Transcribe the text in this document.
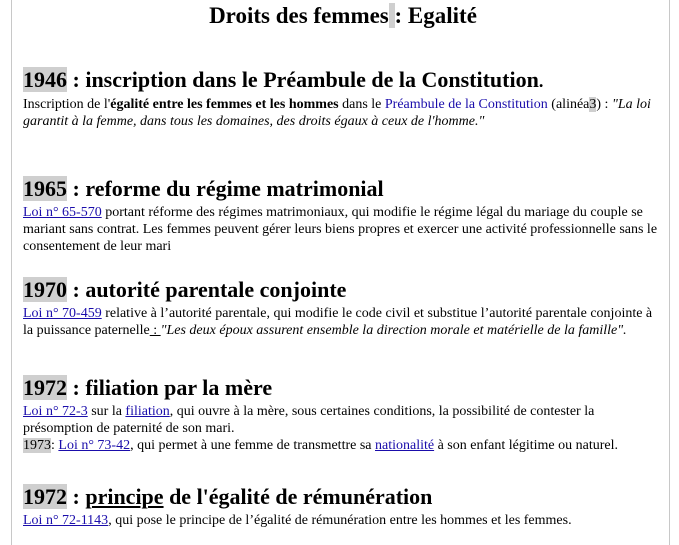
Droits des femmes : Egalité
1946 : inscription dans le Préambule de la Constitution.

Inscription de l'égalité entre les femmes et les hommes dans le Préambule de la Constitution (alinéa3) : "La loi garantit à la femme, dans tous les domaines, des droits égaux à ceux de l'homme."

1965 : reforme du régime matrimonial

Loi n° 65-570 portant réforme des régimes matrimoniaux, qui modifie le régime légal du mariage du couple se mariant sans contrat. Les femmes peuvent gérer leurs biens propres et exercer une activité professionnelle sans le consentement de leur mari

1970 : autorité parentale conjointe

Loi n° 70-459 relative à l’autorité parentale, qui modifie le code civil et substitue l’autorité parentale conjointe à la puissance paternelle : "Les deux époux assurent ensemble la direction morale et matérielle de la famille".

1972 : filiation par la mère

Loi n° 72-3 sur la filiation, qui ouvre à la mère, sous certaines conditions, la possibilité de contester la présomption de paternité de son mari.

1973: Loi n° 73-42, qui permet à une femme de transmettre sa nationalité à son enfant légitime ou naturel.

1972 : principe de l'égalité de rémunération

Loi n° 72-1143, qui pose le principe de l’égalité de rémunération entre les hommes et les femmes.
